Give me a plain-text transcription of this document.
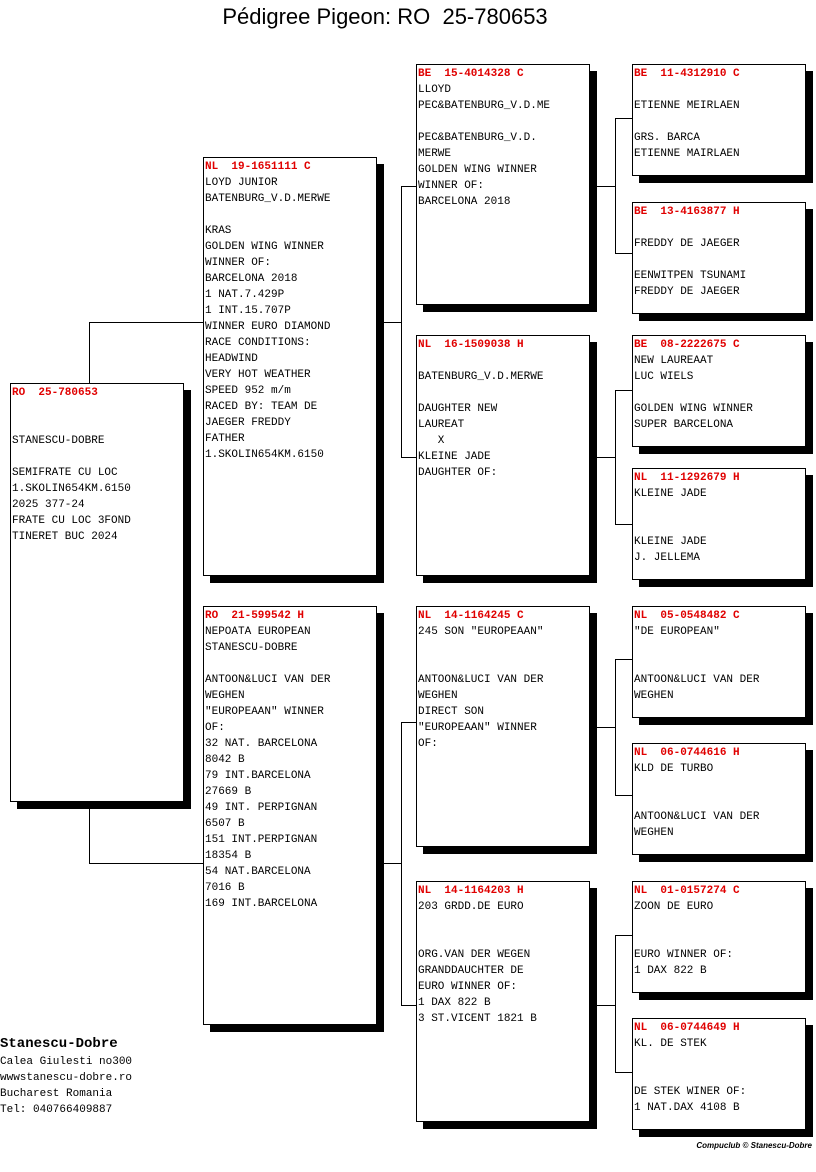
Pédigree Pigeon: RO  25-780653
RO  25-780653
STANESCU-DOBRE
SEMIFRATE CU LOC
1.SKOLIN654KM.6150
2025 377-24
FRATE CU LOC 3FOND
TINERET BUC 2024
NL  19-1651111 C
LOYD JUNIOR
BATENBURG_V.D.MERWE
KRAS
GOLDEN WING WINNER
WINNER OF:
BARCELONA 2018
1 NAT.7.429P
1 INT.15.707P
WINNER EURO DIAMOND
RACE CONDITIONS:
HEADWIND
VERY HOT WEATHER
SPEED 952 m/m
RACED BY: TEAM DE
JAEGER FREDDY
FATHER
1.SKOLIN654KM.6150
RO  21-599542 H
NEPOATA EUROPEAN
STANESCU-DOBRE
ANTOON&LUCI VAN DER
WEGHEN
"EUROPEAAN" WINNER
OF:
32 NAT. BARCELONA
8042 B
79 INT.BARCELONA
27669 B
49 INT. PERPIGNAN
6507 B
151 INT.PERPIGNAN
18354 B
54 NAT.BARCELONA
7016 B
169 INT.BARCELONA
BE  15-4014328 C
LLOYD
PEC&BATENBURG_V.D.ME
PEC&BATENBURG_V.D.
MERWE
GOLDEN WING WINNER
WINNER OF:
BARCELONA 2018
NL  16-1509038 H
BATENBURG_V.D.MERWE
DAUGHTER NEW
LAUREAT
X
KLEINE JADE
DAUGHTER OF:
NL  14-1164245 C
245 SON "EUROPEAAN"
ANTOON&LUCI VAN DER
WEGHEN
DIRECT SON
"EUROPEAAN" WINNER
OF:
NL  14-1164203 H
203 GRDD.DE EURO
ORG.VAN DER WEGEN
GRANDDAUCHTER DE
EURO WINNER OF:
1 DAX 822 B
3 ST.VICENT 1821 B
BE  11-4312910 C
ETIENNE MEIRLAEN
GRS. BARCA
ETIENNE MAIRLAEN
BE  13-4163877 H
FREDDY DE JAEGER
EENWITPEN TSUNAMI
FREDDY DE JAEGER
BE  08-2222675 C
NEW LAUREAAT
LUC WIELS
GOLDEN WING WINNER
SUPER BARCELONA
NL  11-1292679 H
KLEINE JADE
KLEINE JADE
J. JELLEMA
NL  05-0548482 C
"DE EUROPEAN"
ANTOON&LUCI VAN DER
WEGHEN
NL  06-0744616 H
KLD DE TURBO
ANTOON&LUCI VAN DER
WEGHEN
NL  01-0157274 C
ZOON DE EURO
EURO WINNER OF:
1 DAX 822 B
NL  06-0744649 H
KL. DE STEK
DE STEK WINER OF:
1 NAT.DAX 4108 B
Stanescu-Dobre
Calea Giulesti no300
wwwstanescu-dobre.ro
Bucharest Romania
Tel: 040766409887
Compuclub © Stanescu-Dobre
